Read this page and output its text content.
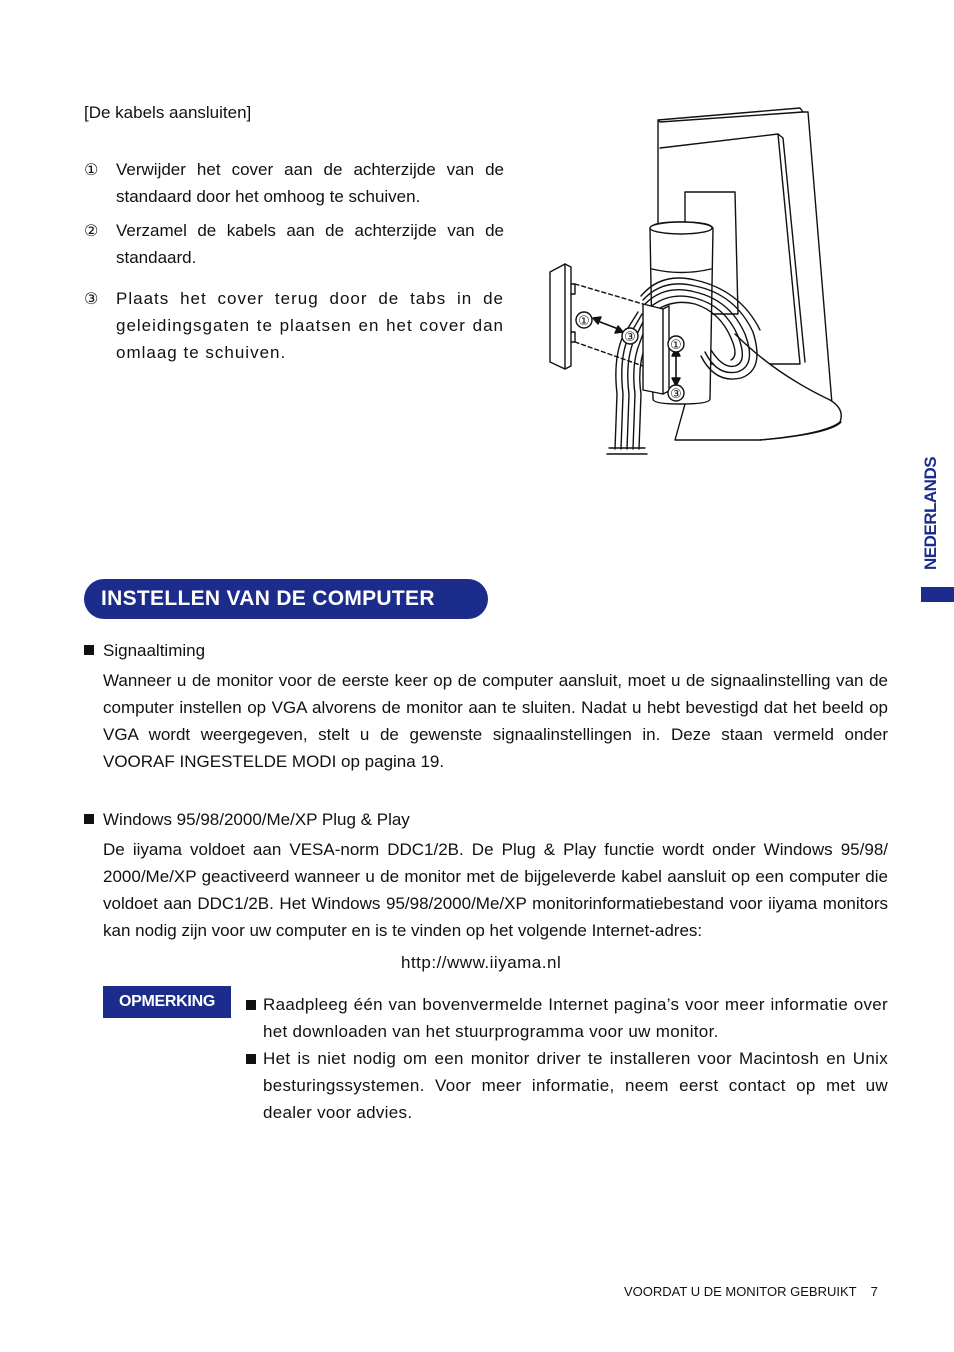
[De kabels aansluiten]
① Verwijder het cover aan de achterzijde van de standaard door het omhoog te schuiven.
② Verzamel de kabels aan de achterzijde van de standaard.
③ Plaats het cover terug door de tabs in de geleidingsgaten te plaatsen en het cover dan omlaag te schuiven.
①
③
①
③
NEDERLANDS
INSTELLEN VAN DE COMPUTER
Signaaltiming
Wanneer u de monitor voor de eerste keer op de computer aansluit, moet u de signaalinstelling van de computer instellen op VGA alvorens de monitor aan te sluiten. Nadat u hebt bevestigd dat het beeld op VGA wordt weergegeven, stelt u de gewenste signaalinstellingen in. Deze staan vermeld onder VOORAF INGESTELDE MODI op pagina 19.
Windows 95/98/2000/Me/XP Plug & Play
De iiyama voldoet aan VESA-norm DDC1/2B. De Plug & Play functie wordt onder Windows 95/98/ 2000/Me/XP geactiveerd wanneer u de monitor met de bijgeleverde kabel aansluit op een computer die voldoet aan DDC1/2B. Het Windows 95/98/2000/Me/XP monitorinformatiebestand voor iiyama monitors kan nodig zijn voor uw computer en is te vinden op het volgende Internet-adres:
http://www.iiyama.nl
OPMERKING	Raadpleeg één van bovenvermelde Internet pagina’s voor meer informatie over het downloaden van het stuurprogramma voor uw monitor.
Het is niet nodig om een monitor driver te installeren voor Macintosh en Unix besturingssystemen. Voor meer informatie, neem eerst contact op met uw dealer voor advies.
VOORDAT U DE MONITOR GEBRUIKT 7
